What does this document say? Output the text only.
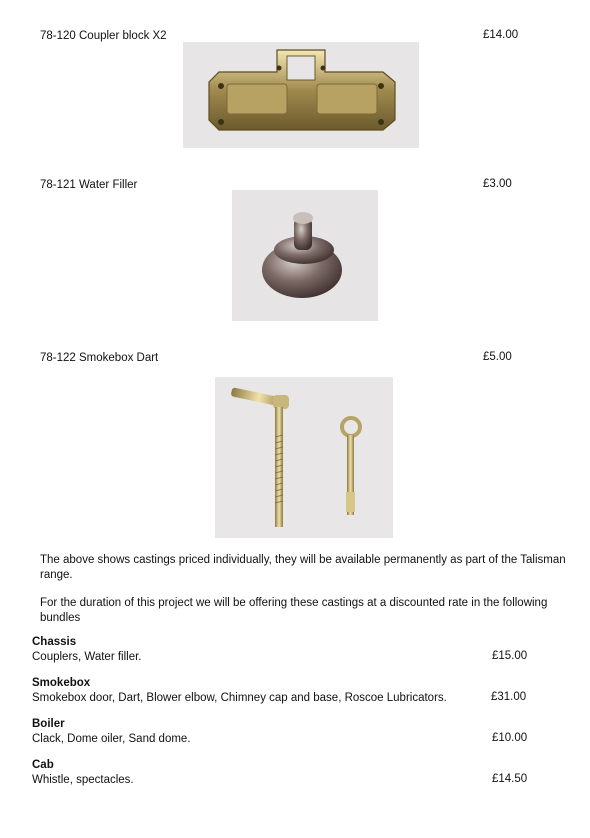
78-120 Coupler block X2	£14.00
78-121 Water Filler	£3.00
78-122 Smokebox Dart	£5.00
The above shows castings priced individually, they will be available permanently as part of the Talisman range.
For the duration of this project we will be offering these castings at a discounted rate in the following bundles
Chassis
Couplers, Water filler.	£15.00
Smokebox
Smokebox door, Dart, Blower elbow, Chimney cap and base, Roscoe Lubricators.	£31.00
Boiler
Clack, Dome oiler, Sand dome.	£10.00
Cab
Whistle, spectacles.	£14.50
